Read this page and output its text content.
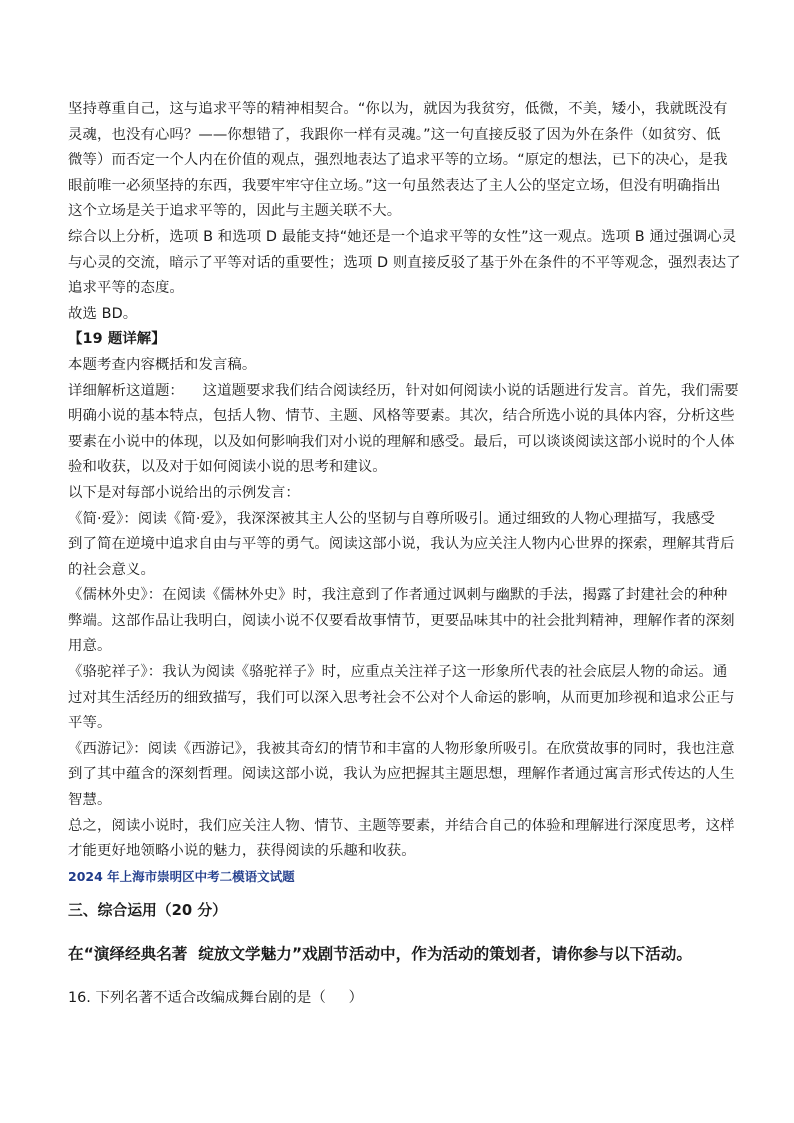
坚持尊重自己，这与追求平等的精神相契合。“你以为，就因为我贫穷，低微，不美，矮小，我就既没有

灵魂，也没有心吗？——你想错了，我跟你一样有灵魂。”这一句直接反驳了因为外在条件（如贫穷、低

微等）而否定一个人内在价值的观点，强烈地表达了追求平等的立场。“原定的想法，已下的决心，是我

眼前唯一必须坚持的东西，我要牢牢守住立场。”这一句虽然表达了主人公的坚定立场，但没有明确指出

这个立场是关于追求平等的，因此与主题关联不大。

综合以上分析，选项 B 和选项 D 最能支持“她还是一个追求平等的女性”这一观点。选项 B 通过强调心灵

与心灵的交流，暗示了平等对话的重要性；选项 D 则直接反驳了基于外在条件的不平等观念，强烈表达了

追求平等的态度。

故选 BD。

【19 题详解】

本题考查内容概括和发言稿。

详细解析这道题：    这道题要求我们结合阅读经历，针对如何阅读小说的话题进行发言。首先，我们需要

明确小说的基本特点，包括人物、情节、主题、风格等要素。其次，结合所选小说的具体内容，分析这些

要素在小说中的体现，以及如何影响我们对小说的理解和感受。最后，可以谈谈阅读这部小说时的个人体

验和收获，以及对于如何阅读小说的思考和建议。

以下是对每部小说给出的示例发言：

《简·爱》：阅读《简·爱》，我深深被其主人公的坚韧与自尊所吸引。通过细致的人物心理描写，我感受

到了简在逆境中追求自由与平等的勇气。阅读这部小说，我认为应关注人物内心世界的探索，理解其背后

的社会意义。

《儒林外史》：在阅读《儒林外史》时，我注意到了作者通过讽刺与幽默的手法，揭露了封建社会的种种

弊端。这部作品让我明白，阅读小说不仅要看故事情节，更要品味其中的社会批判精神，理解作者的深刻

用意。

《骆驼祥子》：我认为阅读《骆驼祥子》时，应重点关注祥子这一形象所代表的社会底层人物的命运。通

过对其生活经历的细致描写，我们可以深入思考社会不公对个人命运的影响，从而更加珍视和追求公正与

平等。

《西游记》：阅读《西游记》，我被其奇幻的情节和丰富的人物形象所吸引。在欣赏故事的同时，我也注意

到了其中蕴含的深刻哲理。阅读这部小说，我认为应把握其主题思想，理解作者通过寓言形式传达的人生

智慧。

总之，阅读小说时，我们应关注人物、情节、主题等要素，并结合自己的体验和理解进行深度思考，这样

才能更好地领略小说的魅力，获得阅读的乐趣和收获。

2024 年上海市崇明区中考二模语文试题

三、综合运用（20 分）

在“演绎经典名著  绽放文学魅力”戏剧节活动中，作为活动的策划者，请你参与以下活动。

16. 下列名著不适合改编成舞台剧的是（     ）
